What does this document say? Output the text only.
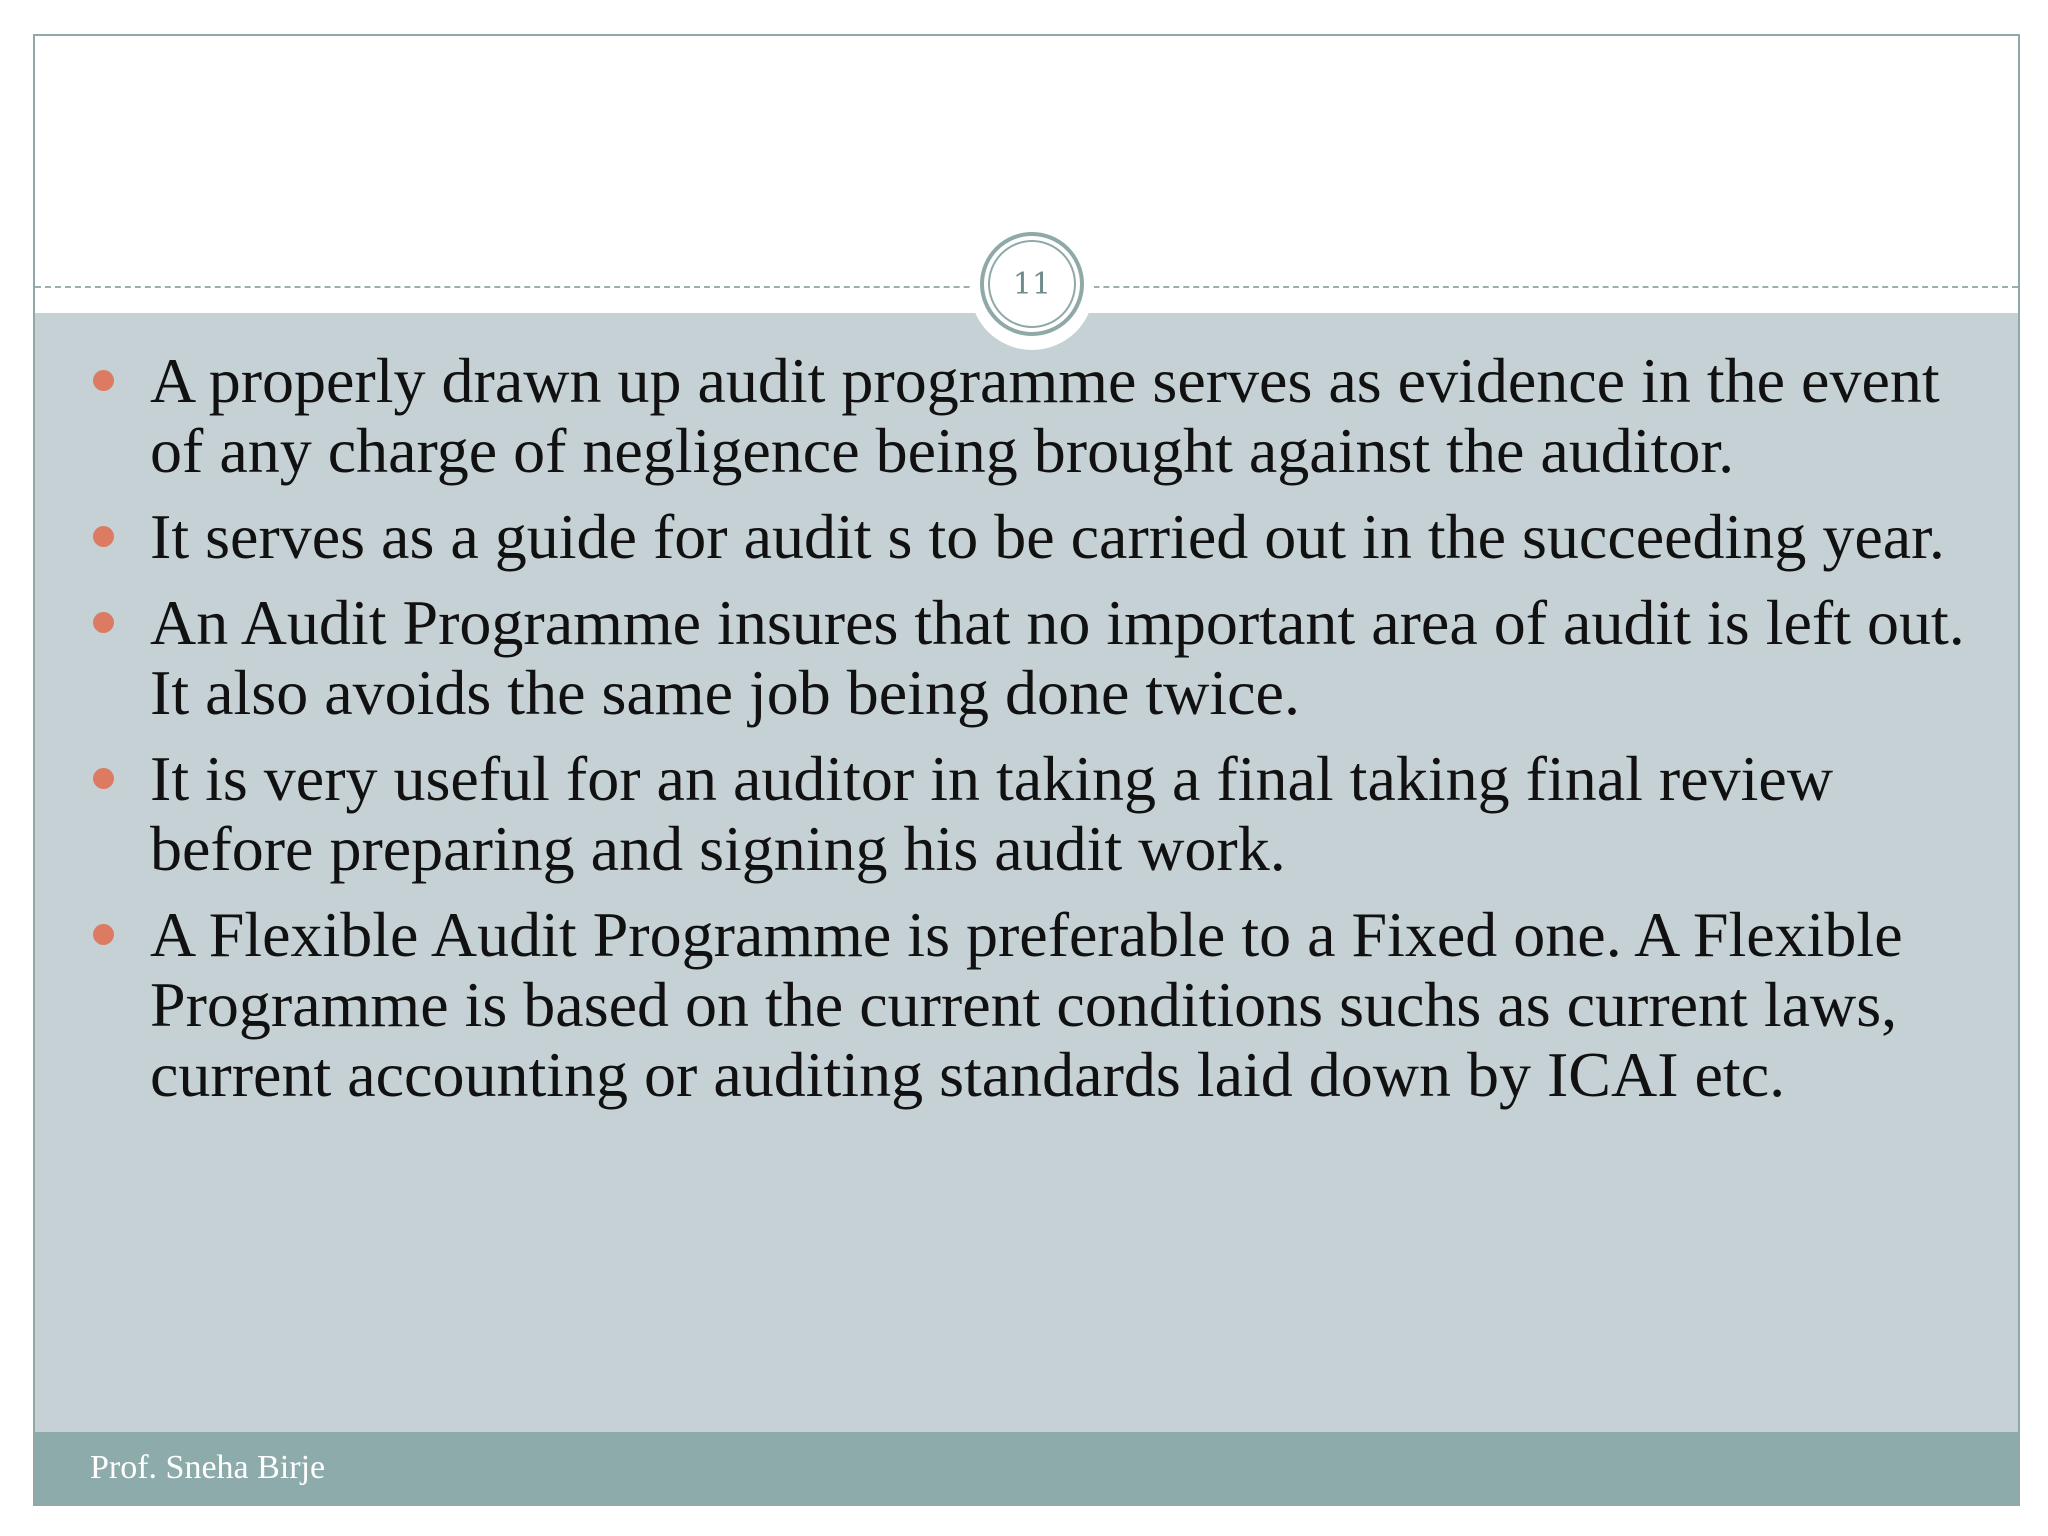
11
A properly drawn up audit programme serves as evidence in the event of any charge of negligence being brought against the auditor.
It serves as a guide for audit s to be carried out in the succeeding year.
An Audit Programme insures that no important area of audit is left out. It also avoids the same job being done twice.
It is very useful for an auditor in taking a final taking final review before preparing and signing his audit work.
A Flexible Audit Programme is preferable to a Fixed one. A Flexible Programme is based on the current conditions suchs as current laws, current accounting or auditing standards laid down by ICAI etc.
Prof. Sneha Birje
